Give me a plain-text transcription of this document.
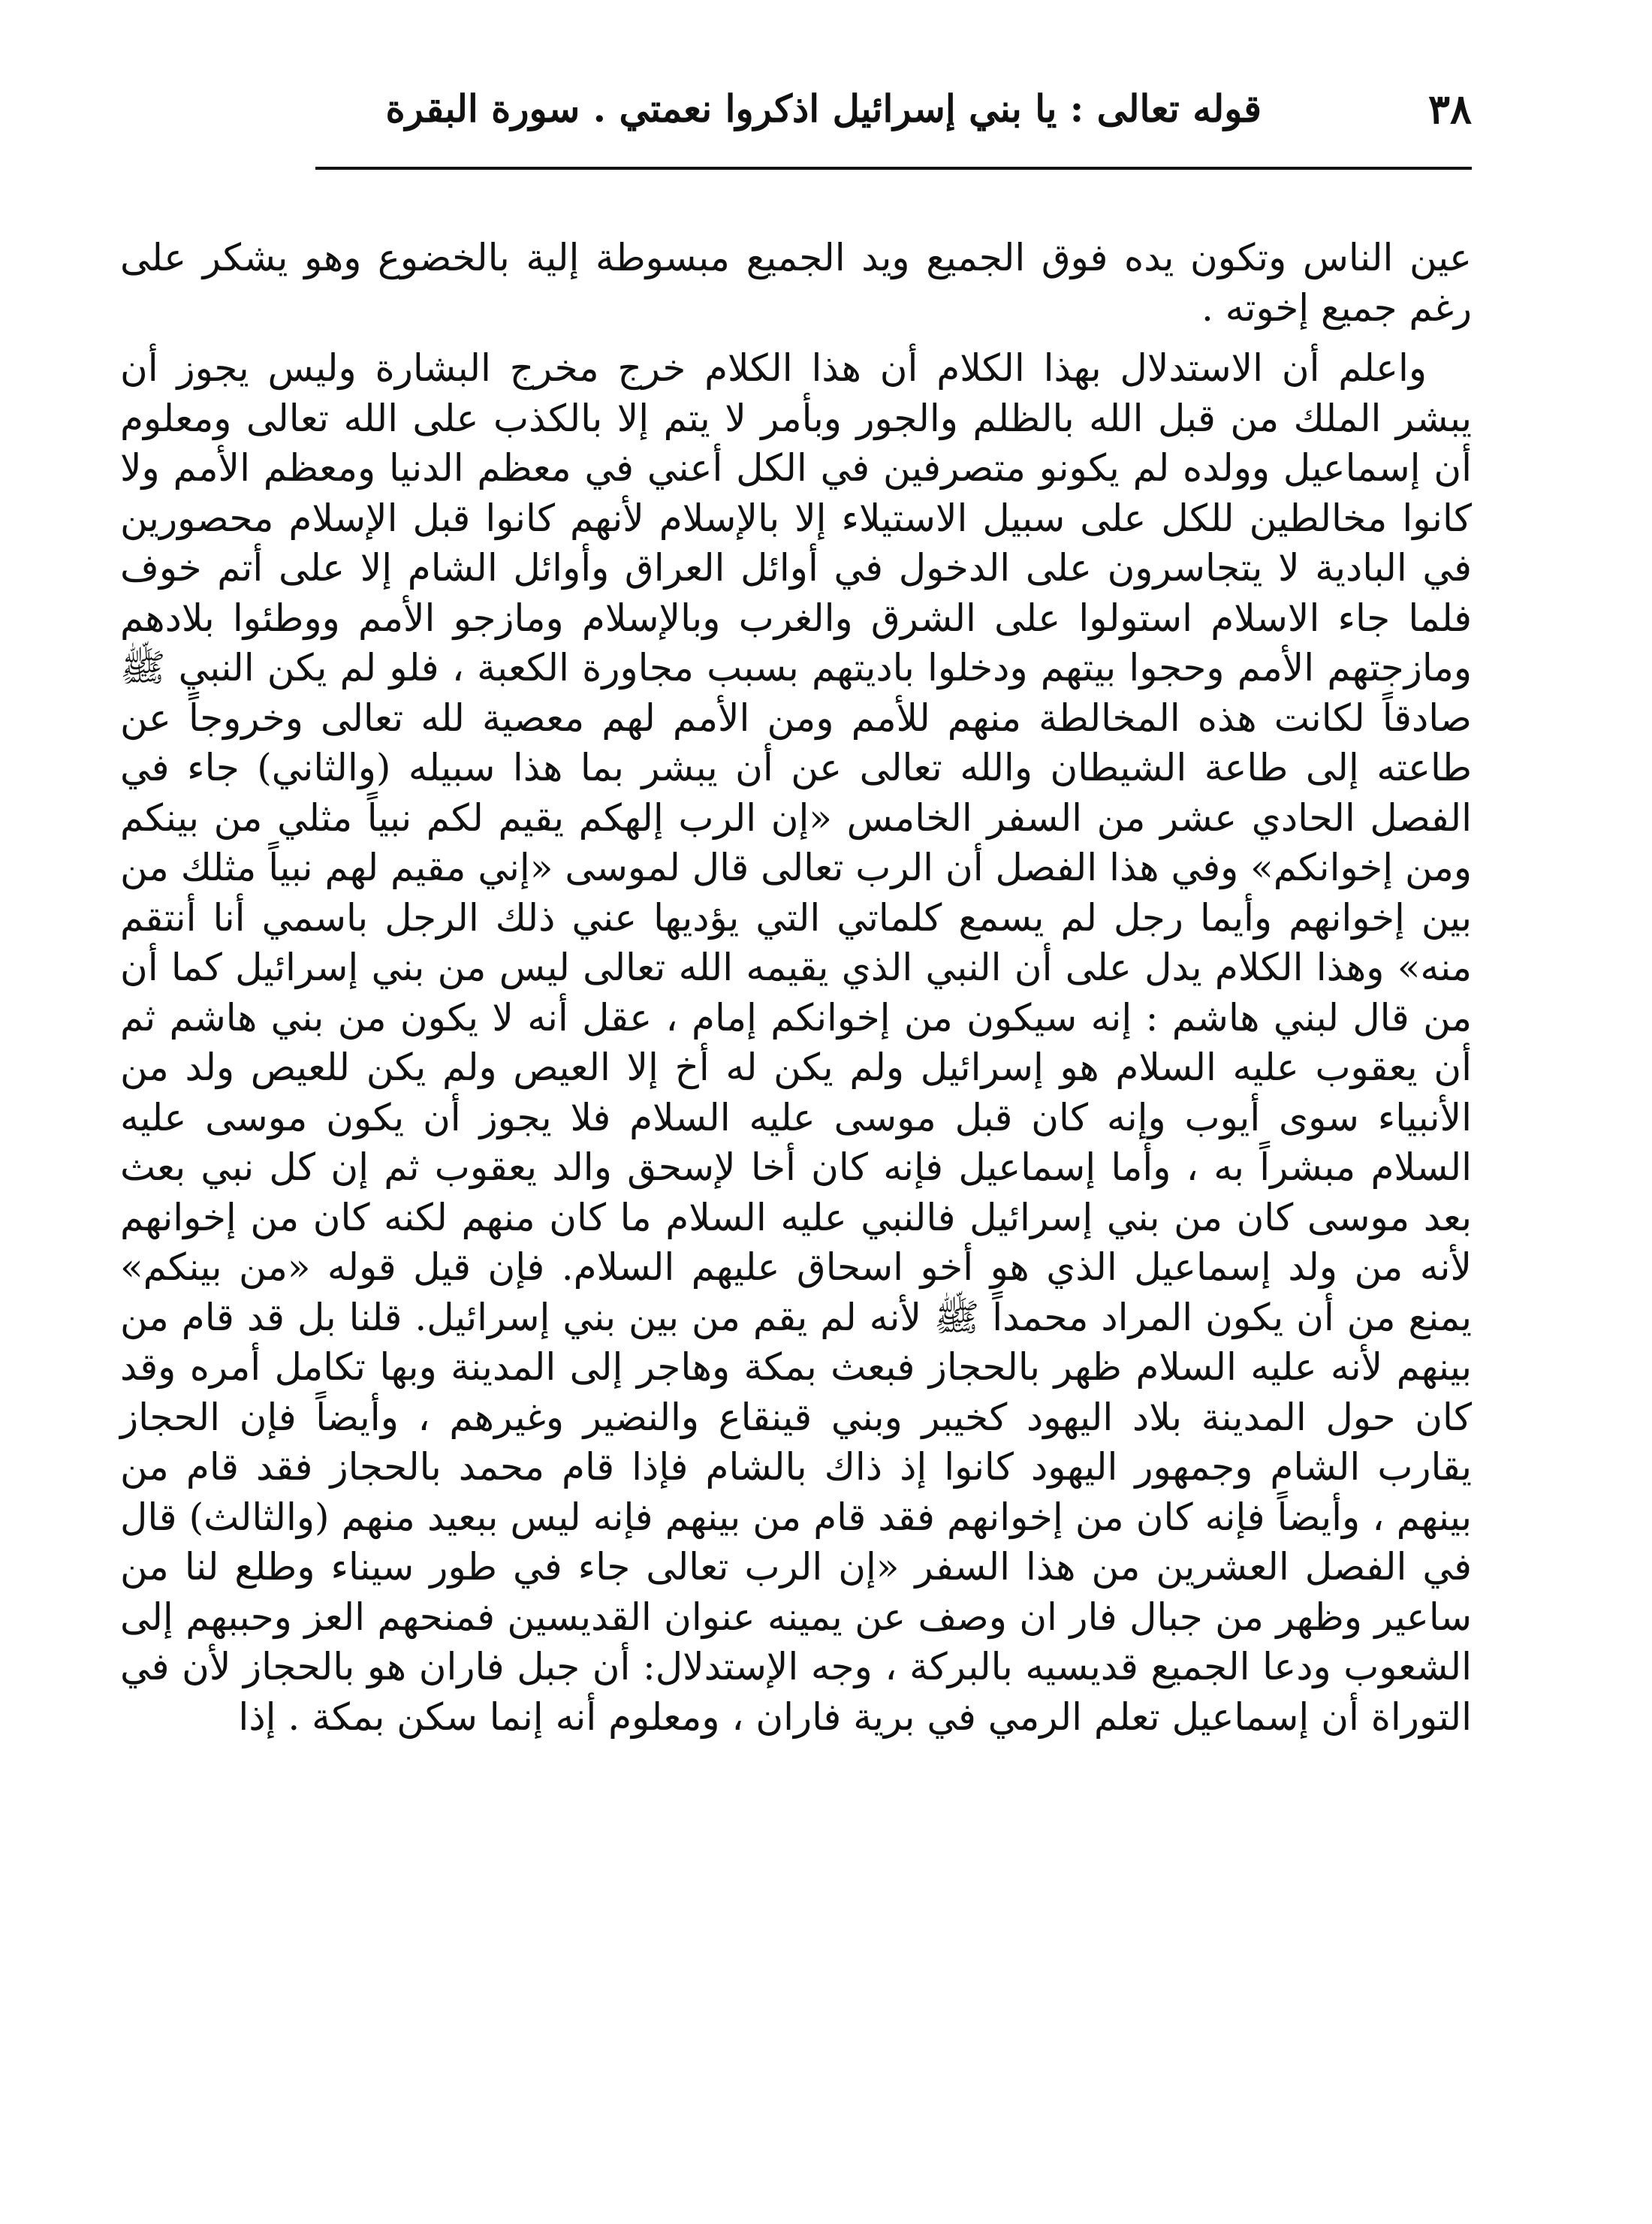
٣٨
قوله تعالى : يا بني إسرائيل اذكروا نعمتي . سورة البقرة

عين الناس وتكون يده فوق الجميع ويد الجميع مبسوطة إلية بالخضوع وهو يشكر على رغم جميع إخوته .

واعلم أن الاستدلال بهذا الكلام أن هذا الكلام خرج مخرج البشارة وليس يجوز أن يبشر الملك من قبل الله بالظلم والجور وبأمر لا يتم إلا بالكذب على الله تعالى ومعلوم أن إسماعيل وولده لم يكونو متصرفين في الكل أعني في معظم الدنيا ومعظم الأمم ولا كانوا مخالطين للكل على سبيل الاستيلاء إلا بالإسلام لأنهم كانوا قبل الإسلام محصورين في البادية لا يتجاسرون على الدخول في أوائل العراق وأوائل الشام إلا على أتم خوف فلما جاء الاسلام استولوا على الشرق والغرب وبالإسلام ومازجو الأمم ووطئوا بلادهم ومازجتهم الأمم وحجوا بيتهم ودخلوا باديتهم بسبب مجاورة الكعبة ، فلو لم يكن النبي ﷺ صادقاً لكانت هذه المخالطة منهم للأمم ومن الأمم لهم معصية لله تعالى وخروجاً عن طاعته إلى طاعة الشيطان والله تعالى عن أن يبشر بما هذا سبيله (والثاني) جاء في الفصل الحادي عشر من السفر الخامس «إن الرب إلهكم يقيم لكم نبياً مثلي من بينكم ومن إخوانكم» وفي هذا الفصل أن الرب تعالى قال لموسى «إني مقيم لهم نبياً مثلك من بين إخوانهم وأيما رجل لم يسمع كلماتي التي يؤديها عني ذلك الرجل باسمي أنا أنتقم منه» وهذا الكلام يدل على أن النبي الذي يقيمه الله تعالى ليس من بني إسرائيل كما أن من قال لبني هاشم : إنه سيكون من إخوانكم إمام ، عقل أنه لا يكون من بني هاشم ثم أن يعقوب عليه السلام هو إسرائيل ولم يكن له أخ إلا العيص ولم يكن للعيص ولد من الأنبياء سوى أيوب وإنه كان قبل موسى عليه السلام فلا يجوز أن يكون موسى عليه السلام مبشراً به ، وأما إسماعيل فإنه كان أخا لإسحق والد يعقوب ثم إن كل نبي بعث بعد موسى كان من بني إسرائيل فالنبي عليه السلام ما كان منهم لكنه كان من إخوانهم لأنه من ولد إسماعيل الذي هو أخو اسحاق عليهم السلام. فإن قيل قوله «من بينكم» يمنع من أن يكون المراد محمداً ﷺ لأنه لم يقم من بين بني إسرائيل. قلنا بل قد قام من بينهم لأنه عليه السلام ظهر بالحجاز فبعث بمكة وهاجر إلى المدينة وبها تكامل أمره وقد كان حول المدينة بلاد اليهود كخيبر وبني قينقاع والنضير وغيرهم ، وأيضاً فإن الحجاز يقارب الشام وجمهور اليهود كانوا إذ ذاك بالشام فإذا قام محمد بالحجاز فقد قام من بينهم ، وأيضاً فإنه كان من إخوانهم فقد قام من بينهم فإنه ليس ببعيد منهم (والثالث) قال في الفصل العشرين من هذا السفر «إن الرب تعالى جاء في طور سيناء وطلع لنا من ساعير وظهر من جبال فار ان وصف عن يمينه عنوان القديسين فمنحهم العز وحببهم إلى الشعوب ودعا الجميع قديسيه بالبركة ، وجه الإستدلال: أن جبل فاران هو بالحجاز لأن في التوراة أن إسماعيل تعلم الرمي في برية فاران ، ومعلوم أنه إنما سكن بمكة . إذا
